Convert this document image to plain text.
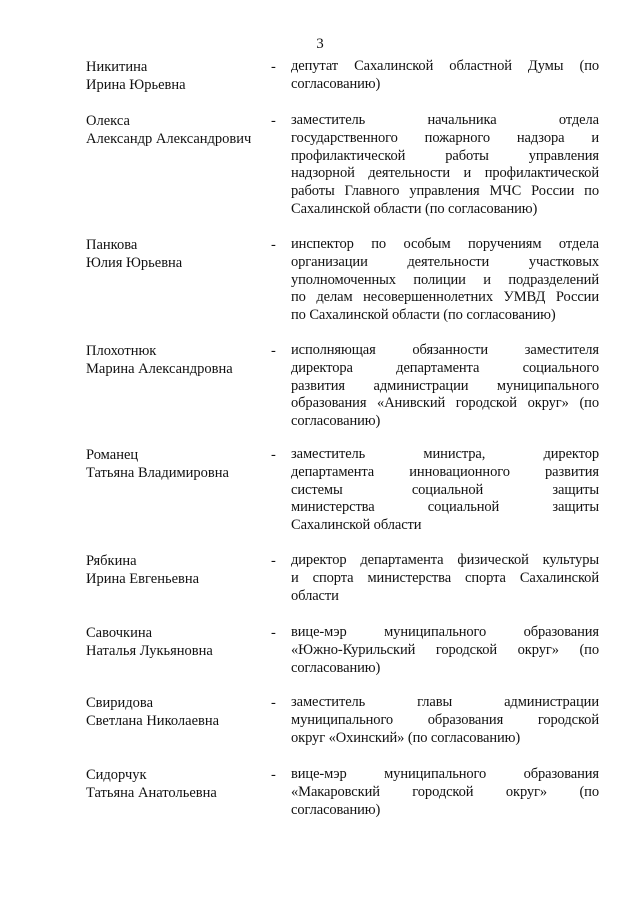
3
Никитина
Ирина Юрьевна
- депутат Сахалинской областной Думы (по
согласованию)
Олекса
Александр Александрович
- заместитель начальника отдела
государственного пожарного надзора и
профилактической работы управления
надзорной деятельности и профилактической
работы Главного управления МЧС России по
Сахалинской области (по согласованию)
Панкова
Юлия Юрьевна
- инспектор по особым поручениям отдела
организации деятельности участковых
уполномоченных полиции и подразделений
по делам несовершеннолетних УМВД России
по Сахалинской области (по согласованию)
Плохотнюк
Марина Александровна
- исполняющая обязанности заместителя
директора департамента социального
развития администрации муниципального
образования «Анивский городской округ» (по
согласованию)
Романец
Татьяна Владимировна
- заместитель министра, директор
департамента инновационного развития
системы социальной защиты
министерства социальной защиты
Сахалинской области
Рябкина
Ирина Евгеньевна
- директор департамента физической культуры
и спорта министерства спорта Сахалинской
области
Савочкина
Наталья Лукьяновна
- вице-мэр муниципального образования
«Южно-Курильский городской округ» (по
согласованию)
Свиридова
Светлана Николаевна
- заместитель главы администрации
муниципального образования городской
округ «Охинский» (по согласованию)
Сидорчук
Татьяна Анатольевна
- вице-мэр муниципального образования
«Макаровский городской округ» (по
согласованию)
